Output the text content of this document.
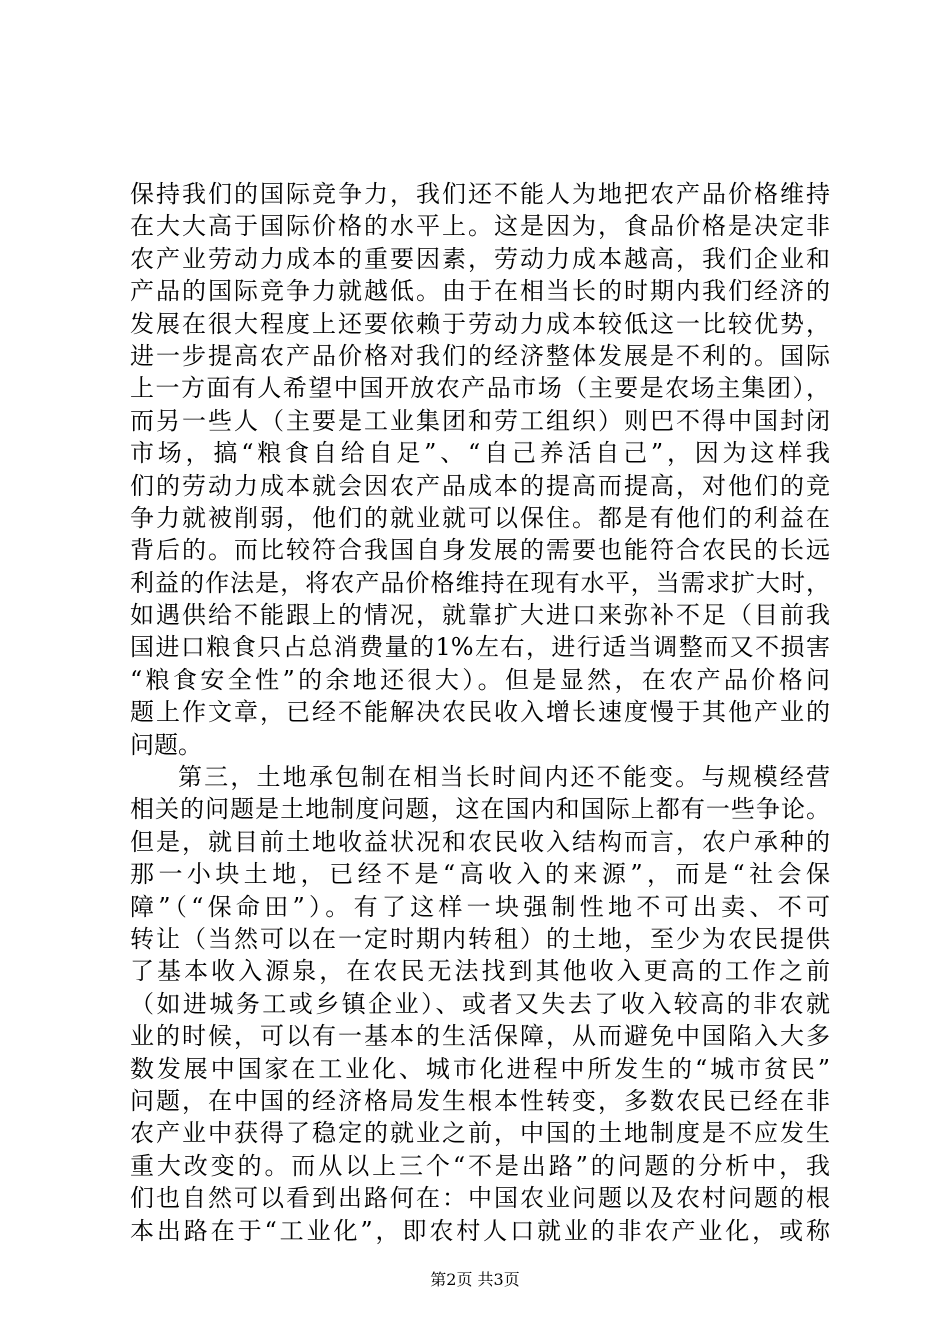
保持我们的国际竞争力，我们还不能人为地把农产品价格维持
在大大高于国际价格的水平上。这是因为，食品价格是决定非
农产业劳动力成本的重要因素，劳动力成本越高，我们企业和
产品的国际竞争力就越低。由于在相当长的时期内我们经济的
发展在很大程度上还要依赖于劳动力成本较低这一比较优势，
进一步提高农产品价格对我们的经济整体发展是不利的。国际
上一方面有人希望中国开放农产品市场（主要是农场主集团），
而另一些人（主要是工业集团和劳工组织）则巴不得中国封闭
市场，搞“粮食自给自足”、“自己养活自己”，因为这样我
们的劳动力成本就会因农产品成本的提高而提高，对他们的竞
争力就被削弱，他们的就业就可以保住。都是有他们的利益在
背后的。而比较符合我国自身发展的需要也能符合农民的长远
利益的作法是，将农产品价格维持在现有水平，当需求扩大时，
如遇供给不能跟上的情况，就靠扩大进口来弥补不足（目前我
国进口粮食只占总消费量的1%左右，进行适当调整而又不损害
“粮食安全性”的余地还很大）。但是显然，在农产品价格问
题上作文章，已经不能解决农民收入增长速度慢于其他产业的
问题。
第三，土地承包制在相当长时间内还不能变。与规模经营
相关的问题是土地制度问题，这在国内和国际上都有一些争论。
但是，就目前土地收益状况和农民收入结构而言，农户承种的
那一小块土地，已经不是“高收入的来源”，而是“社会保
障”（“保命田”）。有了这样一块强制性地不可出卖、不可
转让（当然可以在一定时期内转租）的土地，至少为农民提供
了基本收入源泉，在农民无法找到其他收入更高的工作之前
（如进城务工或乡镇企业）、或者又失去了收入较高的非农就
业的时候，可以有一基本的生活保障，从而避免中国陷入大多
数发展中国家在工业化、城市化进程中所发生的“城市贫民”
问题，在中国的经济格局发生根本性转变，多数农民已经在非
农产业中获得了稳定的就业之前，中国的土地制度是不应发生
重大改变的。而从以上三个“不是出路”的问题的分析中，我
们也自然可以看到出路何在：中国农业问题以及农村问题的根
本出路在于“工业化”，即农村人口就业的非农产业化，或称
第2页 共3页
